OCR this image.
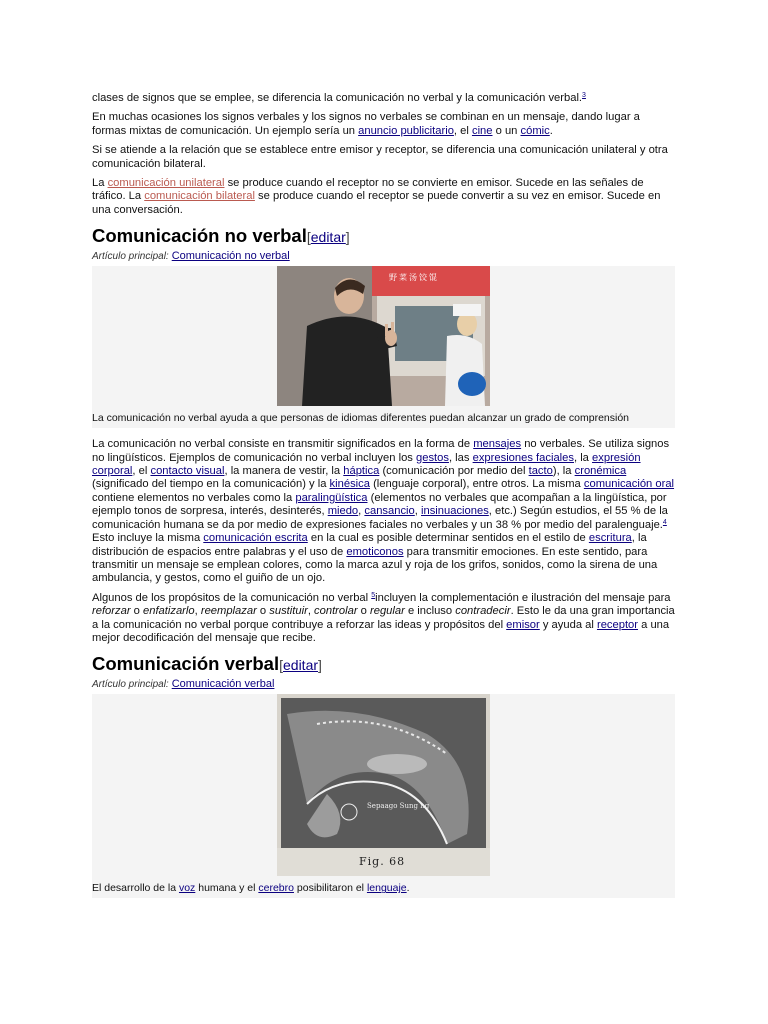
clases de signos que se emplee, se diferencia la comunicación no verbal y la comunicación verbal.$^3$

En muchas ocasiones los signos verbales y los signos no verbales se combinan en un mensaje, dando lugar a formas mixtas de comunicación. Un ejemplo sería un anuncio publicitario, el cine o un cómic.

Si se atiende a la relación que se establece entre emisor y receptor, se diferencia una comunicación unilateral y otra comunicación bilateral.

La comunicación unilateral se produce cuando el receptor no se convierte en emisor. Sucede en las señales de tráfico. La comunicación bilateral se produce cuando el receptor se puede convertir a su vez en emisor. Sucede en una conversación.

Comunicación no verbal[editar]
Artículo principal: Comunicación no verbal
野菜汤饺馄
La comunicación no verbal ayuda a que personas de idiomas diferentes puedan alcanzar un grado de comprensión

La comunicación no verbal consiste en transmitir significados en la forma de mensajes no verbales. Se utiliza signos no lingüísticos. Ejemplos de comunicación no verbal incluyen los gestos, las expresiones faciales, la expresión corporal, el contacto visual, la manera de vestir, la háptica (comunicación por medio del tacto), la cronémica (significado del tiempo en la comunicación) y la kinésica (lenguaje corporal), entre otros. La misma comunicación oral contiene elementos no verbales como la paralingüística (elementos no verbales que acompañan a la lingüística, por ejemplo tonos de sorpresa, interés, desinterés, miedo, cansancio, insinuaciones, etc.) Según estudios, el 55 % de la comunicación humana se da por medio de expresiones faciales no verbales y un 38 % por medio del paralenguaje.$^4$ Esto incluye la misma comunicación escrita en la cual es posible determinar sentidos en el estilo de escritura, la distribución de espacios entre palabras y el uso de emoticonos para transmitir emociones. En este sentido, para transmitir un mensaje se emplean colores, como la marca azul y roja de los grifos, sonidos, como la sirena de una ambulancia, y gestos, como el guiño de un ojo.

Algunos de los propósitos de la comunicación no verbal $^5$incluyen la complementación e ilustración del mensaje para reforzar o enfatizarlo, reemplazar o sustituir, controlar o regular e incluso contradecir. Esto le da una gran importancia a la comunicación no verbal porque contribuye a reforzar las ideas y propósitos del emisor y ayuda al receptor a una mejor decodificación del mensaje que recibe.

Comunicación verbal[editar]
Artículo principal: Comunicación verbal
Sepaago Sung ng
Fig. 68
El desarrollo de la voz humana y el cerebro posibilitaron el lenguaje.
